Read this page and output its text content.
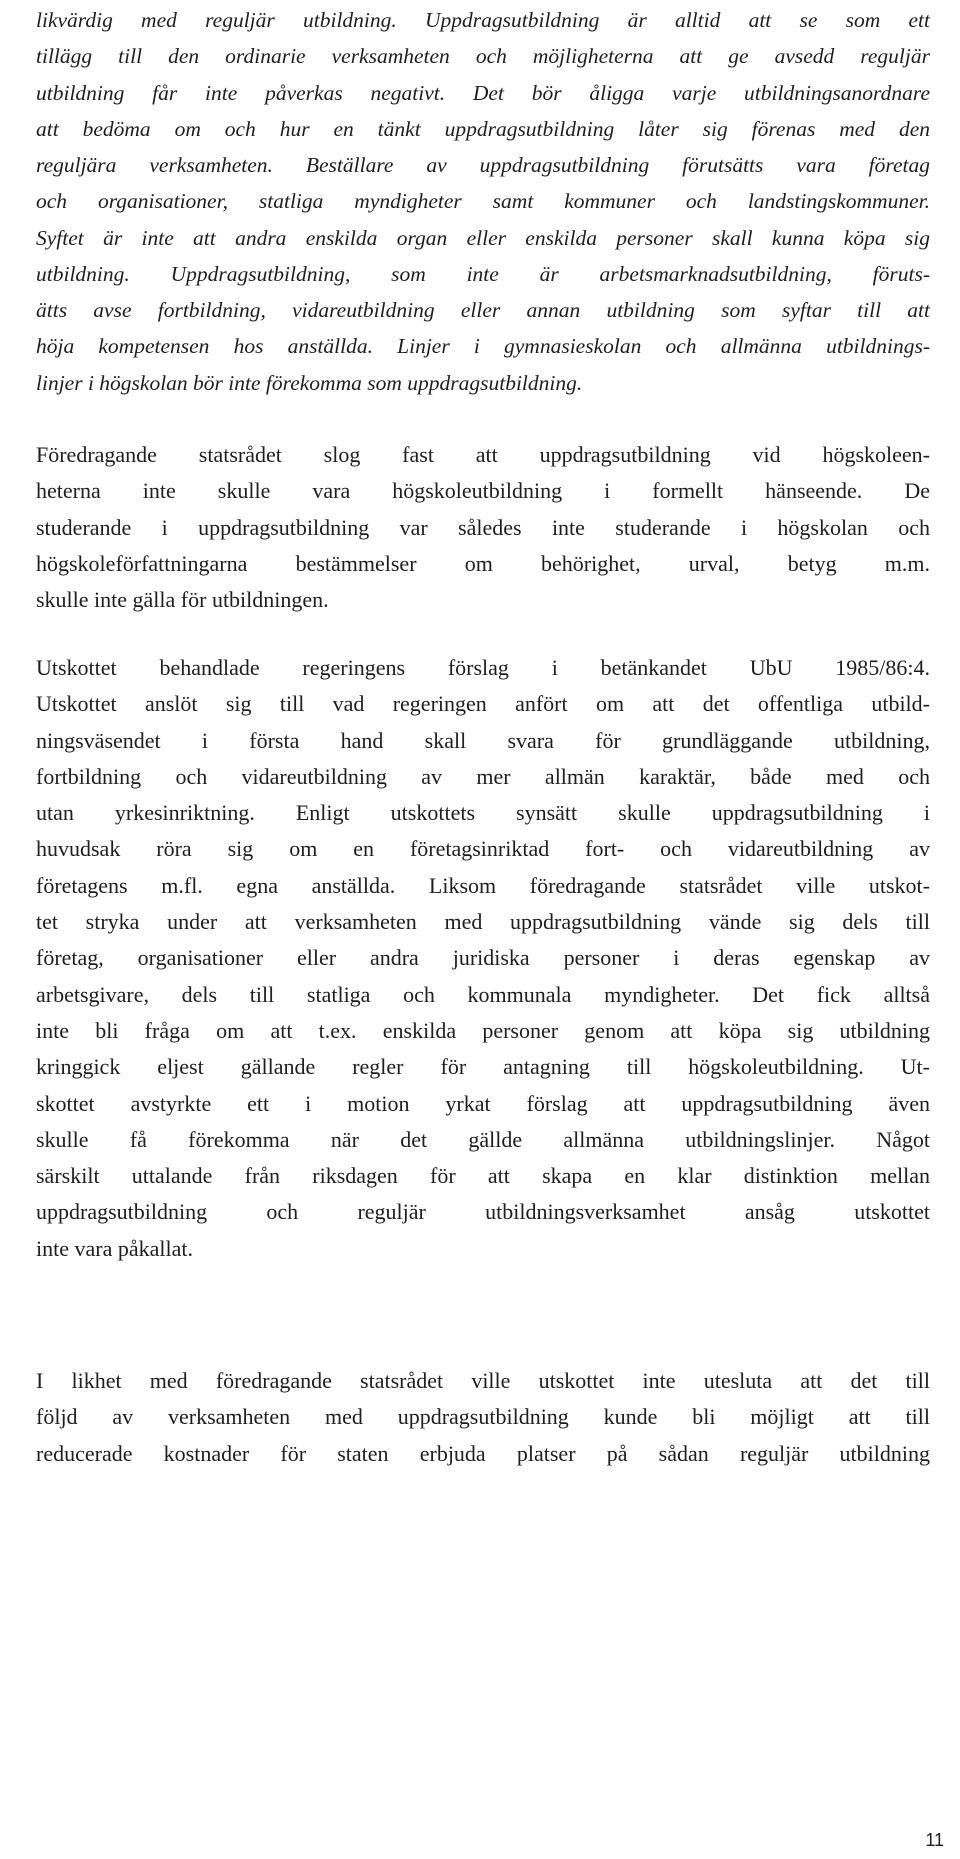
likvärdig med reguljär utbildning. Uppdragsutbildning är alltid att se som ett
tillägg till den ordinarie verksamheten och möjligheterna att ge avsedd reguljär
utbildning får inte påverkas negativt. Det bör åligga varje utbildningsanordnare
att bedöma om och hur en tänkt uppdragsutbildning låter sig förenas med den
reguljära verksamheten. Beställare av uppdragsutbildning förutsätts vara företag
och organisationer, statliga myndigheter samt kommuner och landstingskommuner.
Syftet är inte att andra enskilda organ eller enskilda personer skall kunna köpa sig
utbildning. Uppdragsutbildning, som inte är arbetsmarknadsutbildning, föruts-
ätts avse fortbildning, vidareutbildning eller annan utbildning som syftar till att
höja kompetensen hos anställda. Linjer i gymnasieskolan och allmänna utbildnings-
linjer i högskolan bör inte förekomma som uppdragsutbildning.
Föredragande statsrådet slog fast att uppdragsutbildning vid högskoleen-
heterna inte skulle vara högskoleutbildning i formellt hänseende. De
studerande i uppdragsutbildning var således inte studerande i högskolan och
högskoleförfattningarna bestämmelser om behörighet, urval, betyg m.m.
skulle inte gälla för utbildningen.
Utskottet behandlade regeringens förslag i betänkandet UbU 1985/86:4.
Utskottet anslöt sig till vad regeringen anfört om att det offentliga utbild-
ningsväsendet i första hand skall svara för grundläggande utbildning,
fortbildning och vidareutbildning av mer allmän karaktär, både med och
utan yrkesinriktning. Enligt utskottets synsätt skulle uppdragsutbildning i
huvudsak röra sig om en företagsinriktad fort- och vidareutbildning av
företagens m.fl. egna anställda. Liksom föredragande statsrådet ville utskot-
tet stryka under att verksamheten med uppdragsutbildning vände sig dels till
företag, organisationer eller andra juridiska personer i deras egenskap av
arbetsgivare, dels till statliga och kommunala myndigheter. Det fick alltså
inte bli fråga om att t.ex. enskilda personer genom att köpa sig utbildning
kringgick eljest gällande regler för antagning till högskoleutbildning. Ut-
skottet avstyrkte ett i motion yrkat förslag att uppdragsutbildning även
skulle få förekomma när det gällde allmänna utbildningslinjer. Något
särskilt uttalande från riksdagen för att skapa en klar distinktion mellan
uppdragsutbildning och reguljär utbildningsverksamhet ansåg utskottet
inte vara påkallat.
I likhet med föredragande statsrådet ville utskottet inte utesluta att det till
följd av verksamheten med uppdragsutbildning kunde bli möjligt att till
reducerade kostnader för staten erbjuda platser på sådan reguljär utbildning
11
